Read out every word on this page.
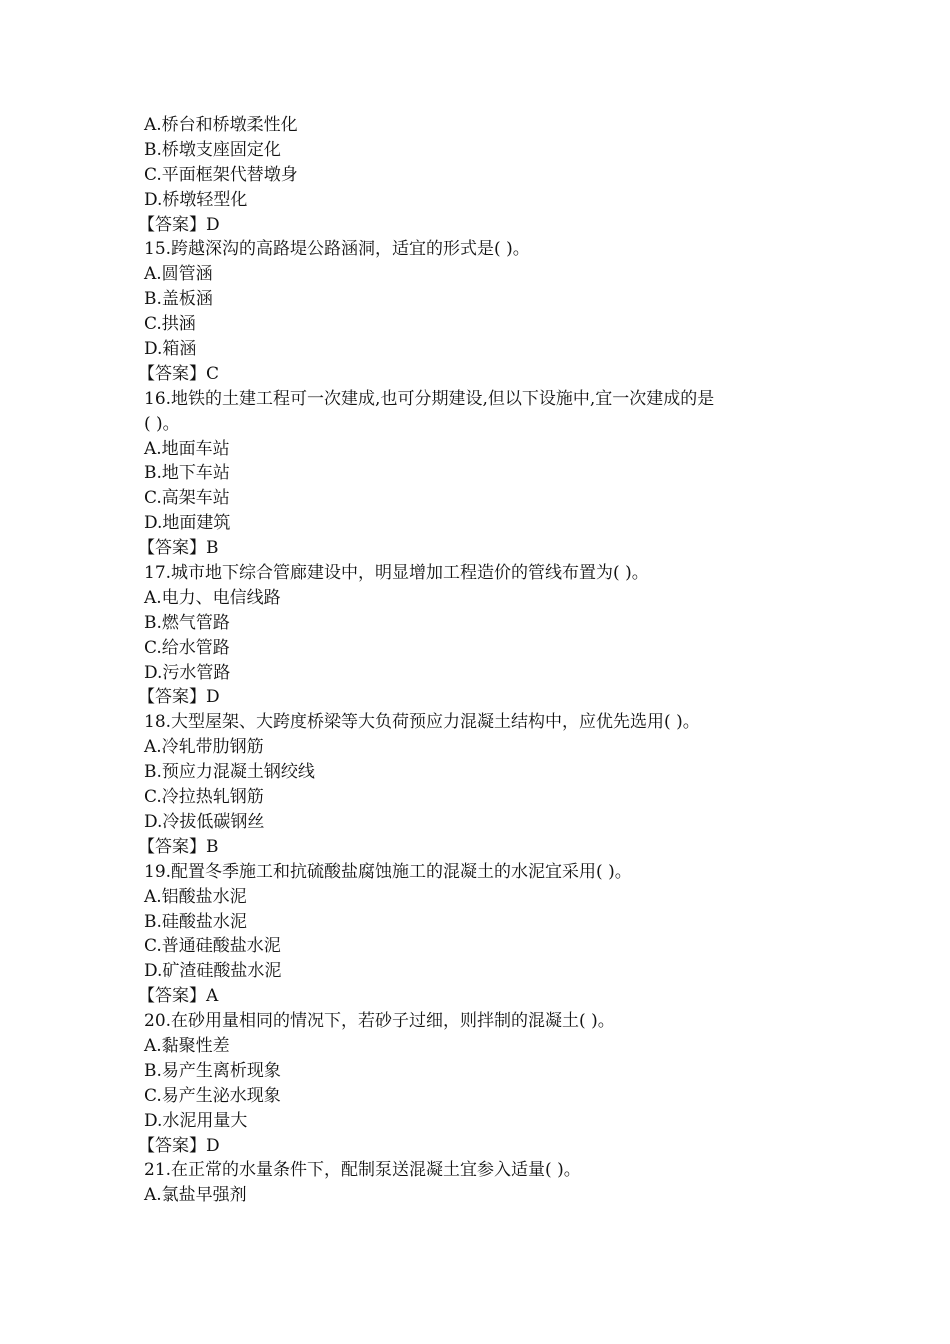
A.桥台和桥墩柔性化
B.桥墩支座固定化
C.平面框架代替墩身
D.桥墩轻型化
【答案】D
15.跨越深沟的高路堤公路涵洞，适宜的形式是( )。
A.圆管涵
B.盖板涵
C.拱涵
D.箱涵
【答案】C
16.地铁的土建工程可一次建成,也可分期建设,但以下设施中,宜一次建成的是
( )。
A.地面车站
B.地下车站
C.高架车站
D.地面建筑
【答案】B
17.城市地下综合管廊建设中，明显增加工程造价的管线布置为( )。
A.电力、电信线路
B.燃气管路
C.给水管路
D.污水管路
【答案】D
18.大型屋架、大跨度桥梁等大负荷预应力混凝土结构中，应优先选用( )。
A.冷轧带肋钢筋
B.预应力混凝土钢绞线
C.冷拉热轧钢筋
D.冷拔低碳钢丝
【答案】B
19.配置冬季施工和抗硫酸盐腐蚀施工的混凝土的水泥宜采用( )。
A.铝酸盐水泥
B.硅酸盐水泥
C.普通硅酸盐水泥
D.矿渣硅酸盐水泥
【答案】A
20.在砂用量相同的情况下，若砂子过细，则拌制的混凝土( )。
A.黏聚性差
B.易产生离析现象
C.易产生泌水现象
D.水泥用量大
【答案】D
21.在正常的水量条件下，配制泵送混凝土宜参入适量( )。
A.氯盐早强剂
